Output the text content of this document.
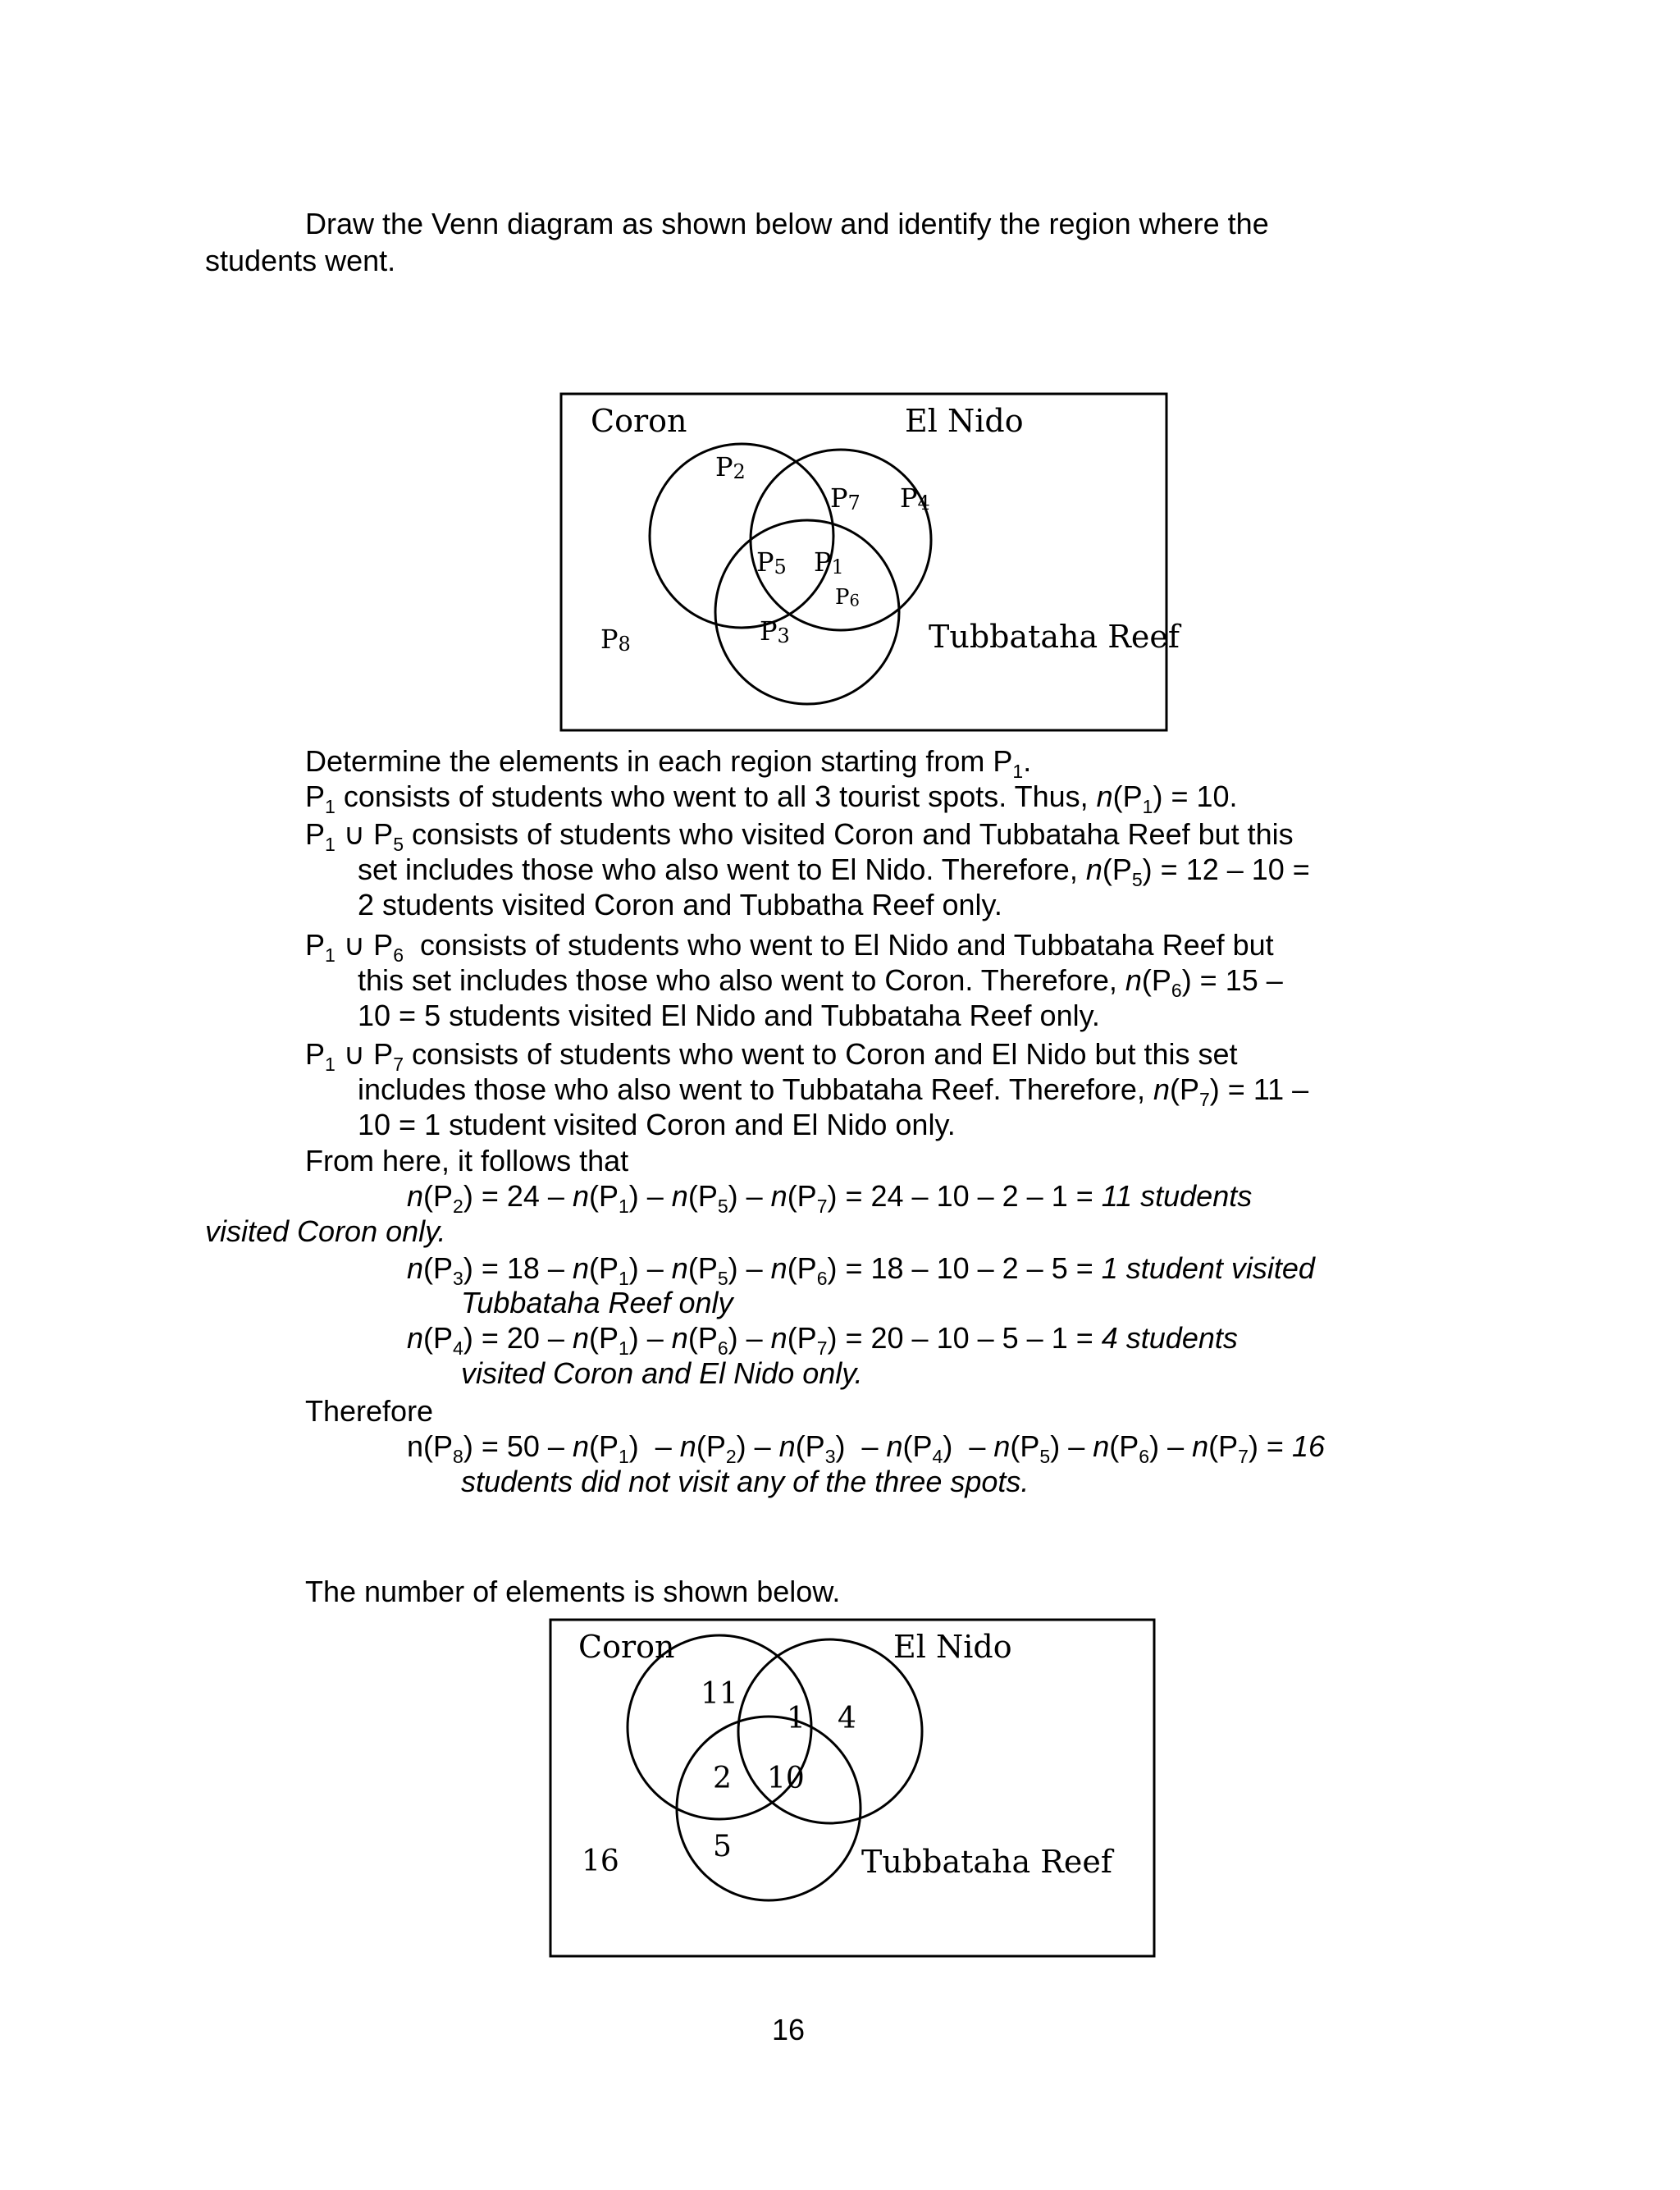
Draw the Venn diagram as shown below and identify the region where the
students went.
Coron	El Nido
Tubbataha Reef
P2
P7 P4
P5 P1
P6
P3
P8
Determine the elements in each region starting from $P_1$.
$P_1$ consists of students who went to all 3 tourist spots. Thus, $n(P_1) = 10$.
$P_1$ ∪ $P_5$ consists of students who visited Coron and Tubbataha Reef but this
set includes those who also went to El Nido. Therefore, $n(P_5) = 12 - 10$ =
2 students visited Coron and Tubbatha Reef only.
$P_1$ ∪ $P_6$  consists of students who went to El Nido and Tubbataha Reef but
this set includes those who also went to Coron. Therefore, $n(P_6) = 15$ –
10 = 5 students visited El Nido and Tubbataha Reef only.
$P_1$ ∪ $P_7$ consists of students who went to Coron and El Nido but this set
includes those who also went to Tubbataha Reef. Therefore, $n(P_7) = 11$ –
10 = 1 student visited Coron and El Nido only.
From here, it follows that
$n(P_2) = 24 - n(P_1) - n(P_5) - n(P_7) = 24 - 10 - 2 - 1 = 11$ students
visited Coron only.
$n(P_3) = 18 - n(P_1) - n(P_5) - n(P_6) = 18 - 10 - 2 - 5 = 1$ student visited
Tubbataha Reef only
$n(P_4) = 20 - n(P_1) - n(P_6) - n(P_7) = 20 - 10 - 5 - 1 = 4$ students
visited Coron and El Nido only.
Therefore
$n(P_8) = 50 - n(P_1) - n(P_2) - n(P_3) - n(P_4) - n(P_5) - n(P_6) - n(P_7) = 16$
students did not visit any of the three spots.
The number of elements is shown below.
Coron	El Nido
Tubbataha Reef
11
1 4
2 10
5
16
16
